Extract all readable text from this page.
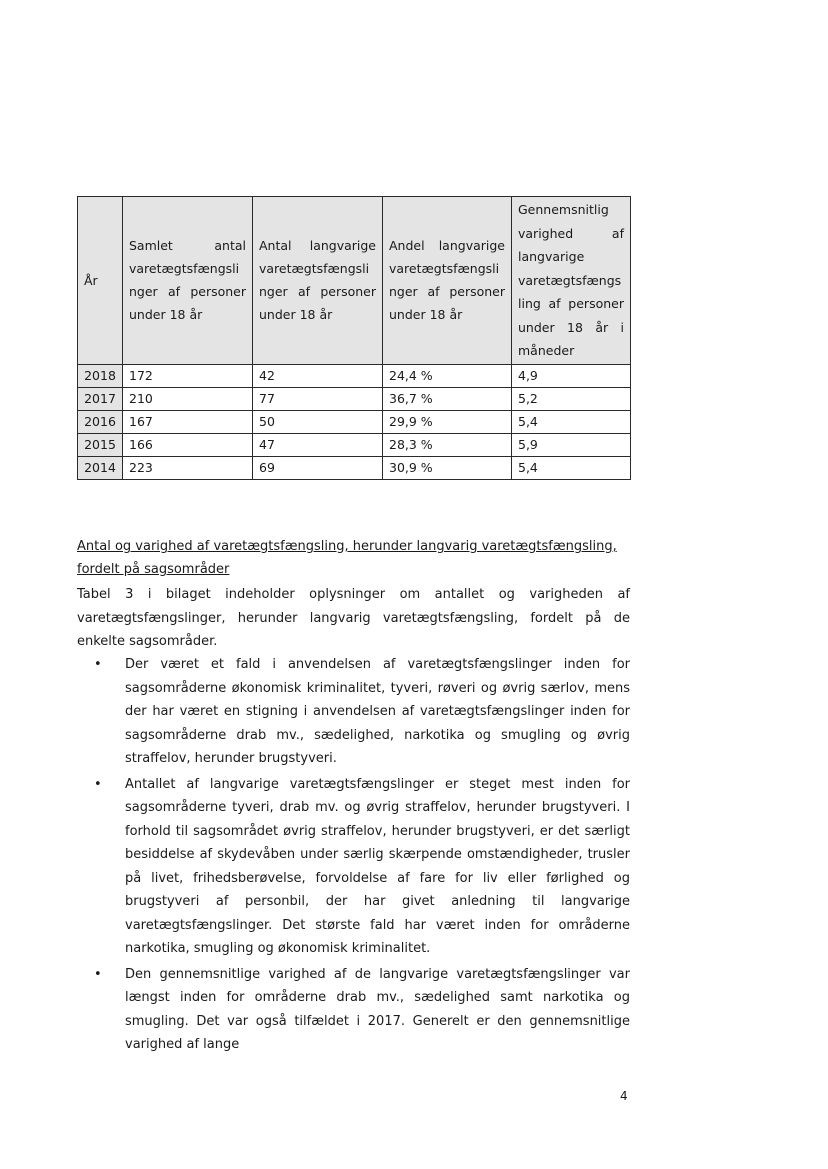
År	Samlet antal varetægtsfængsli nger af personer under 18 år	Antal langvarige varetægtsfængsli nger af personer under 18 år	Andel langvarige varetægtsfængsli nger af personer under 18 år	Gennemsnitlig varighed af langvarige varetægtsfængs ling af personer under 18 år i måneder

2018	172	42	24,4 %	4,9
2017	210	77	36,7 %	5,2
2016	167	50	29,9 %	5,4
2015	166	47	28,3 %	5,9
2014	223	69	30,9 %	5,4
Antal og varighed af varetægtsfængsling, herunder langvarig varetægtsfængsling, fordelt på sagsområder
Tabel 3 i bilaget indeholder oplysninger om antallet og varigheden af varetægtsfængslinger, herunder langvarig varetægtsfængsling, fordelt på de enkelte sagsområder.
• Der været et fald i anvendelsen af varetægtsfængslinger inden for sagsområderne økonomisk kriminalitet, tyveri, røveri og øvrig særlov, mens der har været en stigning i anvendelsen af varetægtsfængslinger inden for sagsområderne drab mv., sædelighed, narkotika og smugling og øvrig straffelov, herunder brugstyveri.
• Antallet af langvarige varetægtsfængslinger er steget mest inden for sagsområderne tyveri, drab mv. og øvrig straffelov, herunder brugstyveri. I forhold til sagsområdet øvrig straffelov, herunder brugstyveri, er det særligt besiddelse af skydevåben under særlig skærpende omstændigheder, trusler på livet, frihedsberøvelse, forvoldelse af fare for liv eller førlighed og brugstyveri af personbil, der har givet anledning til langvarige varetægtsfængslinger. Det største fald har været inden for områderne narkotika, smugling og økonomisk kriminalitet.
• Den gennemsnitlige varighed af de langvarige varetægtsfængslinger var længst inden for områderne drab mv., sædelighed samt narkotika og smugling. Det var også tilfældet i 2017. Generelt er den gennemsnitlige varighed af lange
4
